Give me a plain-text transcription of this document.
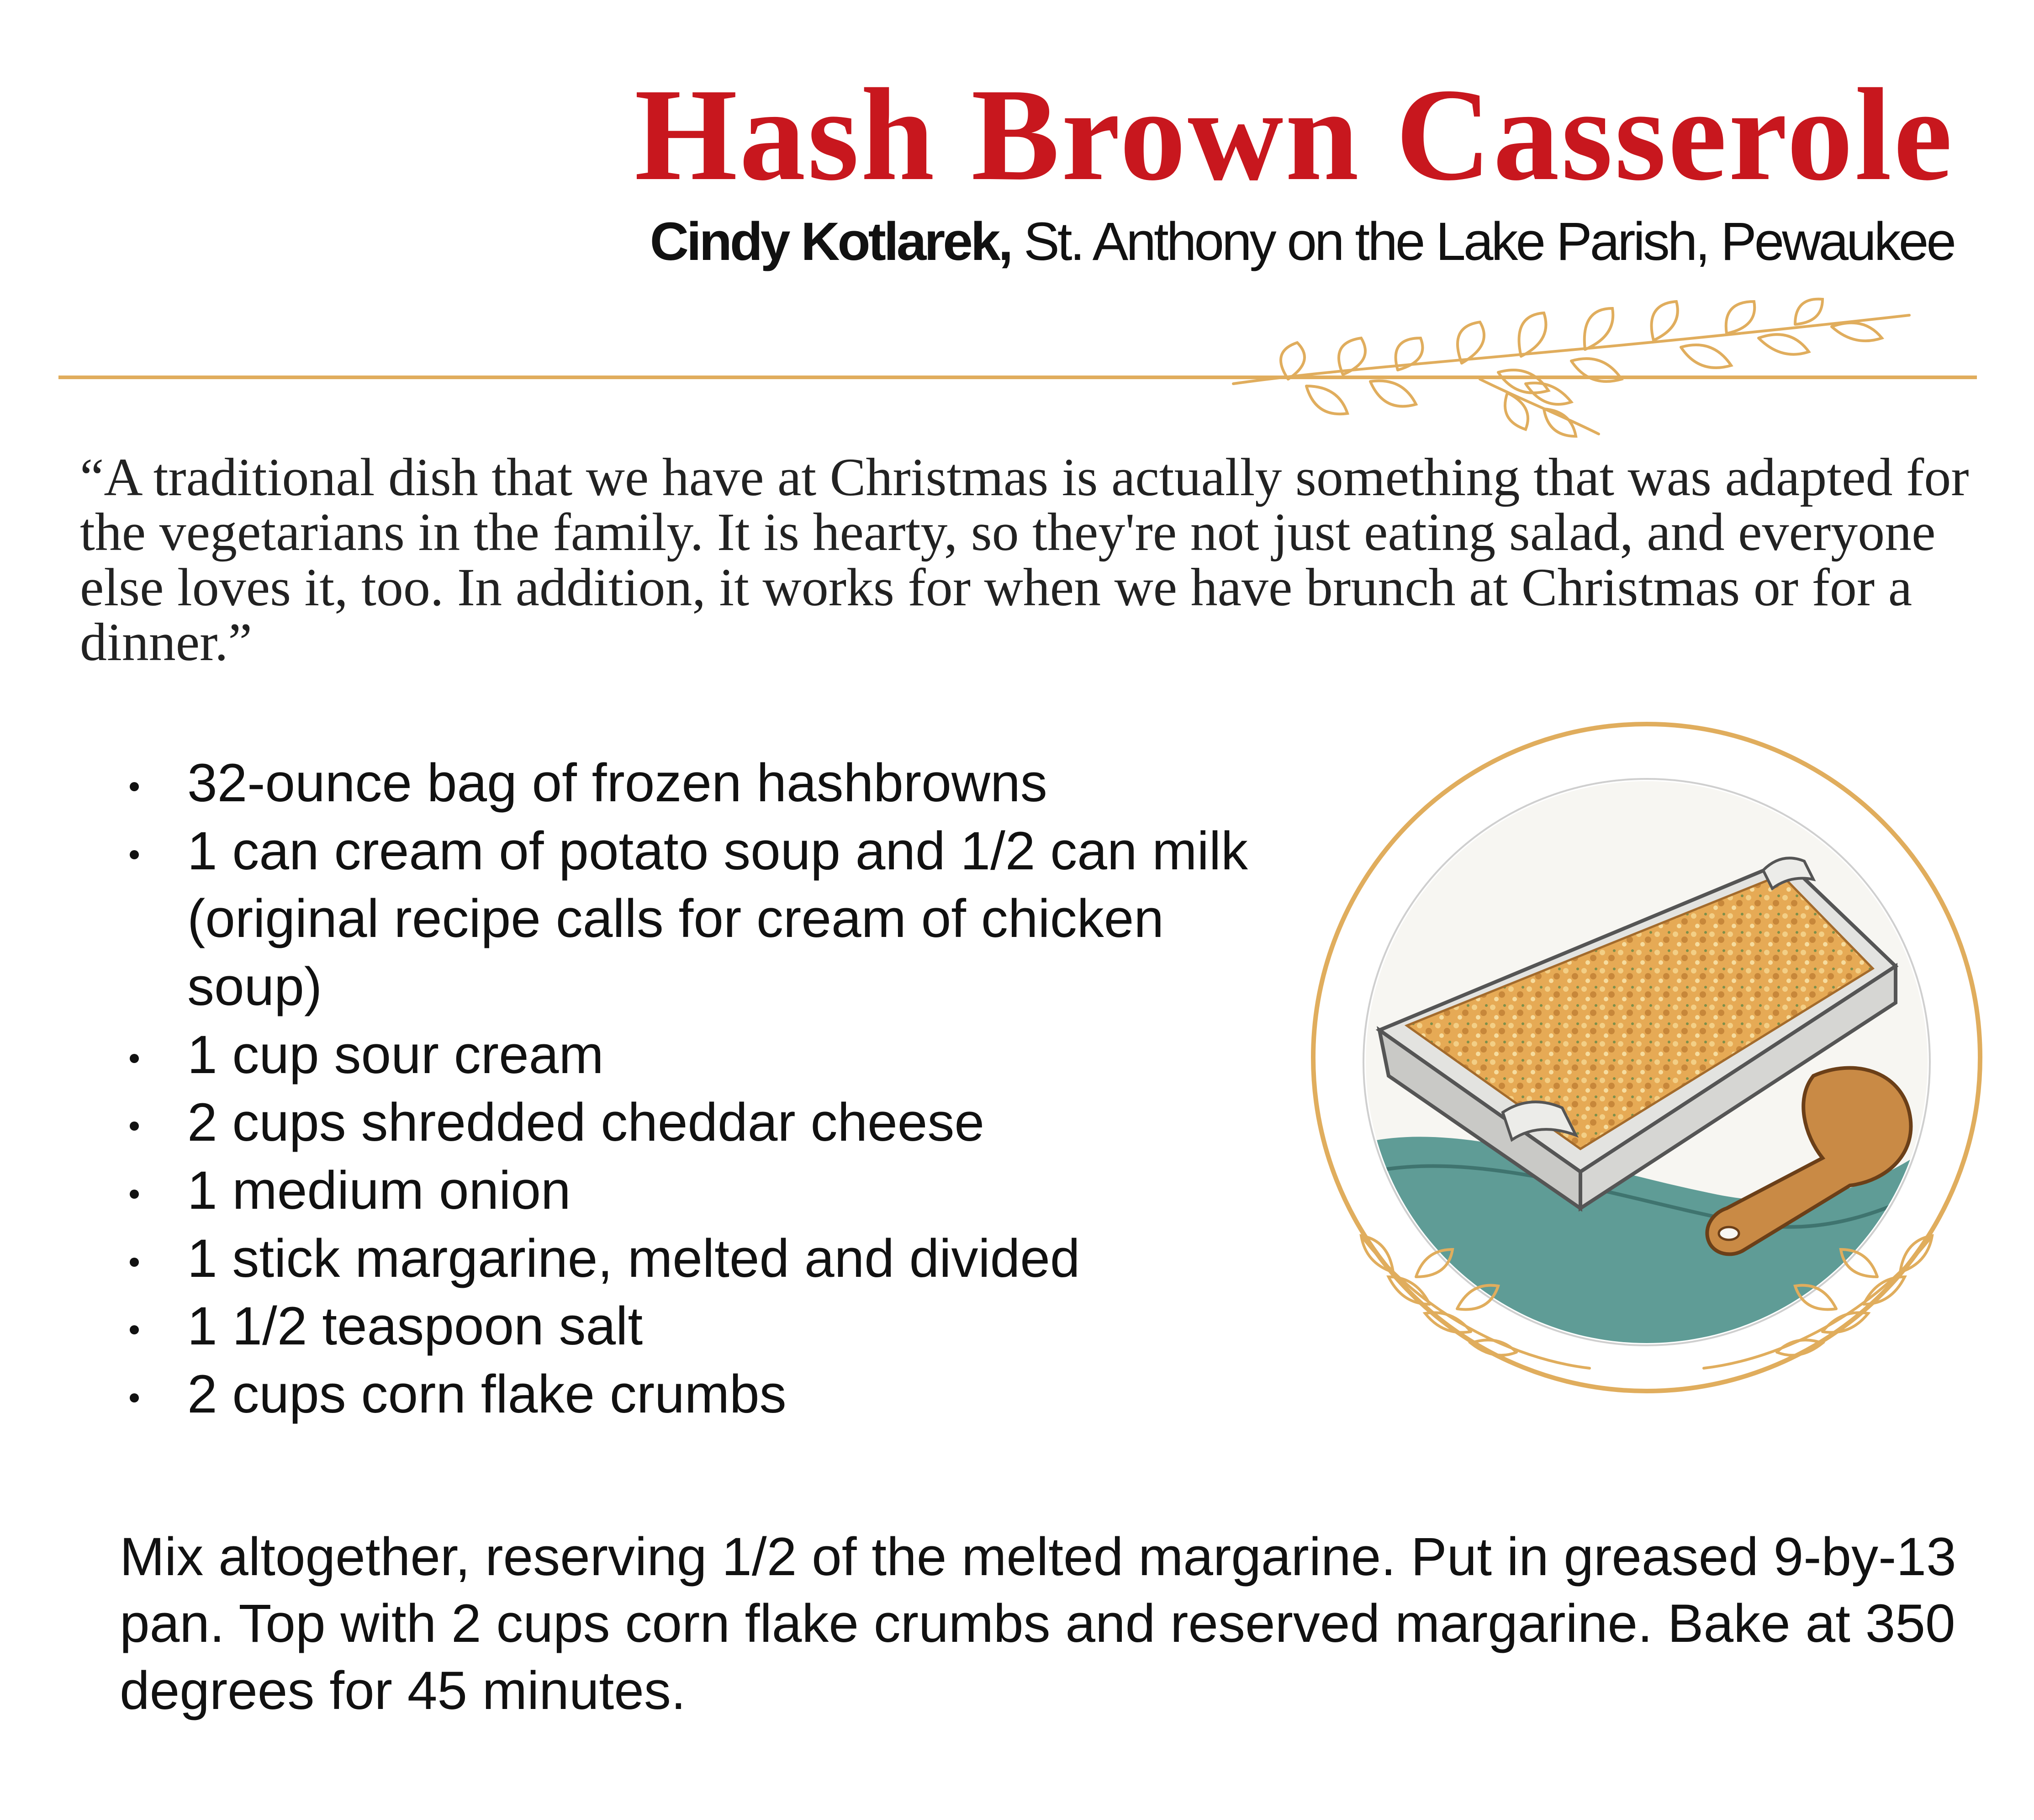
Hash Brown Casserole
Cindy Kotlarek, St. Anthony on the Lake Parish, Pewaukee

“A traditional dish that we have at Christmas is actually something that was adapted for the vegetarians in the family. It is hearty, so they're not just eating salad, and everyone else loves it, too. In addition, it works for when we have brunch at Christmas or for a dinner.”

32-ounce bag of frozen hashbrowns
1 can cream of potato soup and 1/2 can milk (original recipe calls for cream of chicken soup)
1 cup sour cream
2 cups shredded cheddar cheese
1 medium onion
1 stick margarine, melted and divided
1 1/2 teaspoon salt
2 cups corn flake crumbs

Mix altogether, reserving 1/2 of the melted margarine. Put in greased 9-by-13 pan. Top with 2 cups corn flake crumbs and reserved margarine. Bake at 350 degrees for 45 minutes.
